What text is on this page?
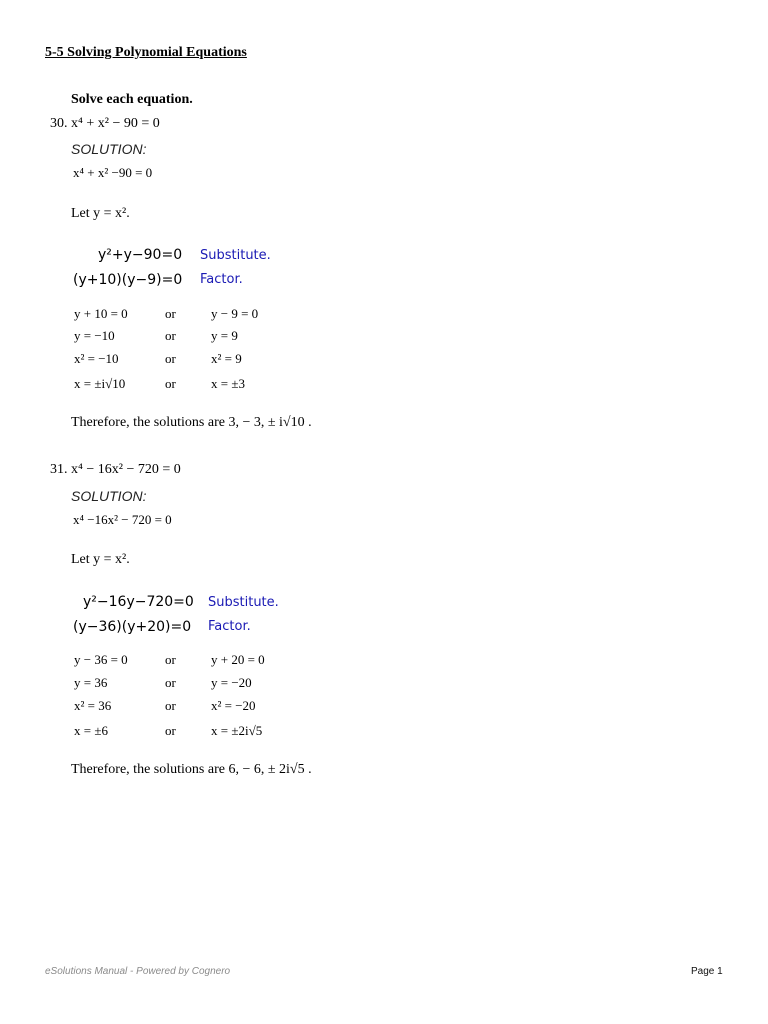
5-5 Solving Polynomial Equations
Solve each equation.
30. x⁴ + x² − 90 = 0
SOLUTION:
x⁴ + x² −90 = 0
Let y = x².
y²+y−90=0 Substitute.
(y+10)(y−9)=0 Factor.
y + 10 = 0	or	y − 9 = 0
y = −10	or	y = 9
x² = −10	or	x² = 9
x = ±i√10	or	x = ±3
Therefore, the solutions are 3, − 3, ± i√10 .
31. x⁴ − 16x² − 720 = 0
SOLUTION:
x⁴ −16x² − 720 = 0
Let y = x².
y²−16y−720=0 Substitute.
(y−36)(y+20)=0 Factor.
y − 36 = 0	or	y + 20 = 0
y = 36	or	y = −20
x² = 36	or	x² = −20
x = ±6	or	x = ±2i√5
Therefore, the solutions are 6, − 6, ± 2i√5 .
eSolutions Manual - Powered by Cognero	Page 1
